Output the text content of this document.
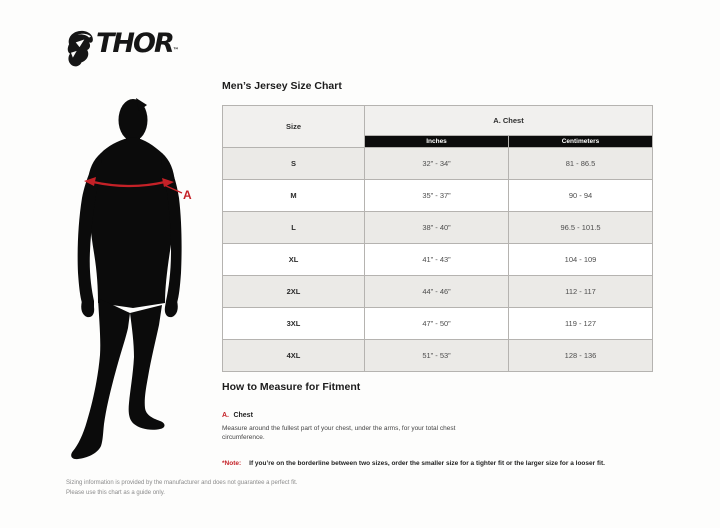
THOR™
A
Men’s Jersey Size Chart
Size	A. Chest	
	Inches	Centimeters
S	32” - 34”	81 - 86.5
M	35” - 37”	90 - 94
L	38” - 40”	96.5 - 101.5
XL	41” - 43”	104 - 109
2XL	44” - 46”	112 - 117
3XL	47” - 50”	119 - 127
4XL	51” - 53”	128 - 136
How to Measure for Fitment
A. Chest
Measure around the fullest part of your chest, under the arms, for your total chest circumference.
*Note: If you’re on the borderline between two sizes, order the smaller size for a tighter fit or the larger size for a looser fit.
Sizing information is provided by the manufacturer and does not guarantee a perfect fit.
Please use this chart as a guide only.
